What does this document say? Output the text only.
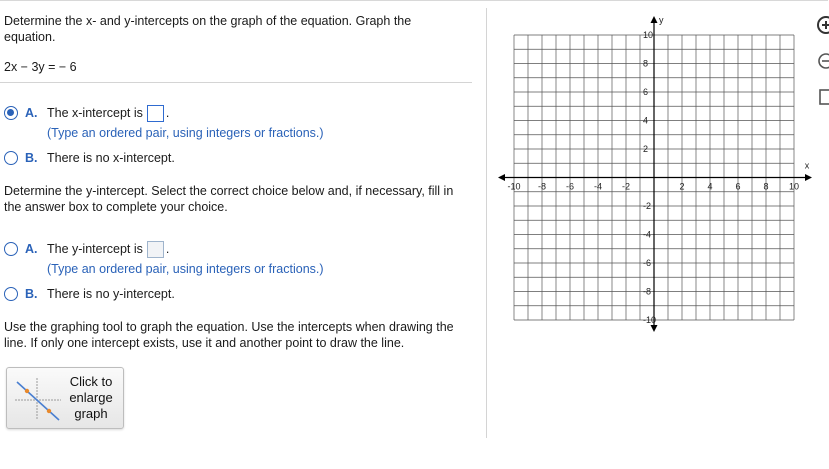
Determine the x- and y-intercepts on the graph of the equation. Graph the equation.
2x − 3y = − 6
A. The x-intercept is .
(Type an ordered pair, using integers or fractions.)
B. There is no x-intercept.
Determine the y-intercept. Select the correct choice below and, if necessary, fill in the answer box to complete your choice.
A. The y-intercept is .
(Type an ordered pair, using integers or fractions.)
B. There is no y-intercept.
Use the graphing tool to graph the equation. Use the intercepts when drawing the line. If only one intercept exists, use it and another point to draw the line.
Click to
enlarge
graph
-10 -8 -6 -4 -2	2	4	6	8 10
10
8
6
4
2
-2
-4
-6
-8
-10
x
y
